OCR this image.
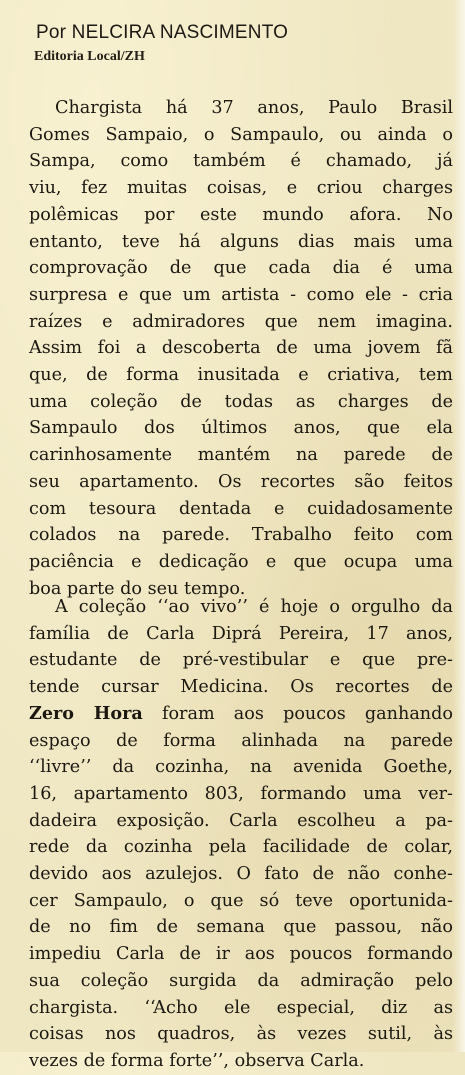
Por NELCIRA NASCIMENTO
Editoria Local/ZH
Chargista há 37 anos, Paulo Brasil
Gomes Sampaio, o Sampaulo, ou ainda o
Sampa, como também é chamado, já
viu, fez muitas coisas, e criou charges
polêmicas por este mundo afora. No
entanto, teve há alguns dias mais uma
comprovação de que cada dia é uma
surpresa e que um artista - como ele - cria
raízes e admiradores que nem imagina.
Assim foi a descoberta de uma jovem fã
que, de forma inusitada e criativa, tem
uma coleção de todas as charges de
Sampaulo dos últimos anos, que ela
carinhosamente mantém na parede de
seu apartamento. Os recortes são feitos
com tesoura dentada e cuidadosamente
colados na parede. Trabalho feito com
paciência e dedicação e que ocupa uma
boa parte do seu tempo.
A coleção ‘‘ao vivo’’ é hoje o orgulho da
família de Carla Diprá Pereira, 17 anos,
estudante de pré-vestibular e que pre-
tende cursar Medicina. Os recortes de
Zero Hora foram aos poucos ganhando
espaço de forma alinhada na parede
‘‘livre’’ da cozinha, na avenida Goethe,
16, apartamento 803, formando uma ver-
dadeira exposição. Carla escolheu a pa-
rede da cozinha pela facilidade de colar,
devido aos azulejos. O fato de não conhe-
cer Sampaulo, o que só teve oportunida-
de no fim de semana que passou, não
impediu Carla de ir aos poucos formando
sua coleção surgida da admiração pelo
chargista. ‘‘Acho ele especial, diz as
coisas nos quadros, às vezes sutil, às
vezes de forma forte’’, observa Carla.
